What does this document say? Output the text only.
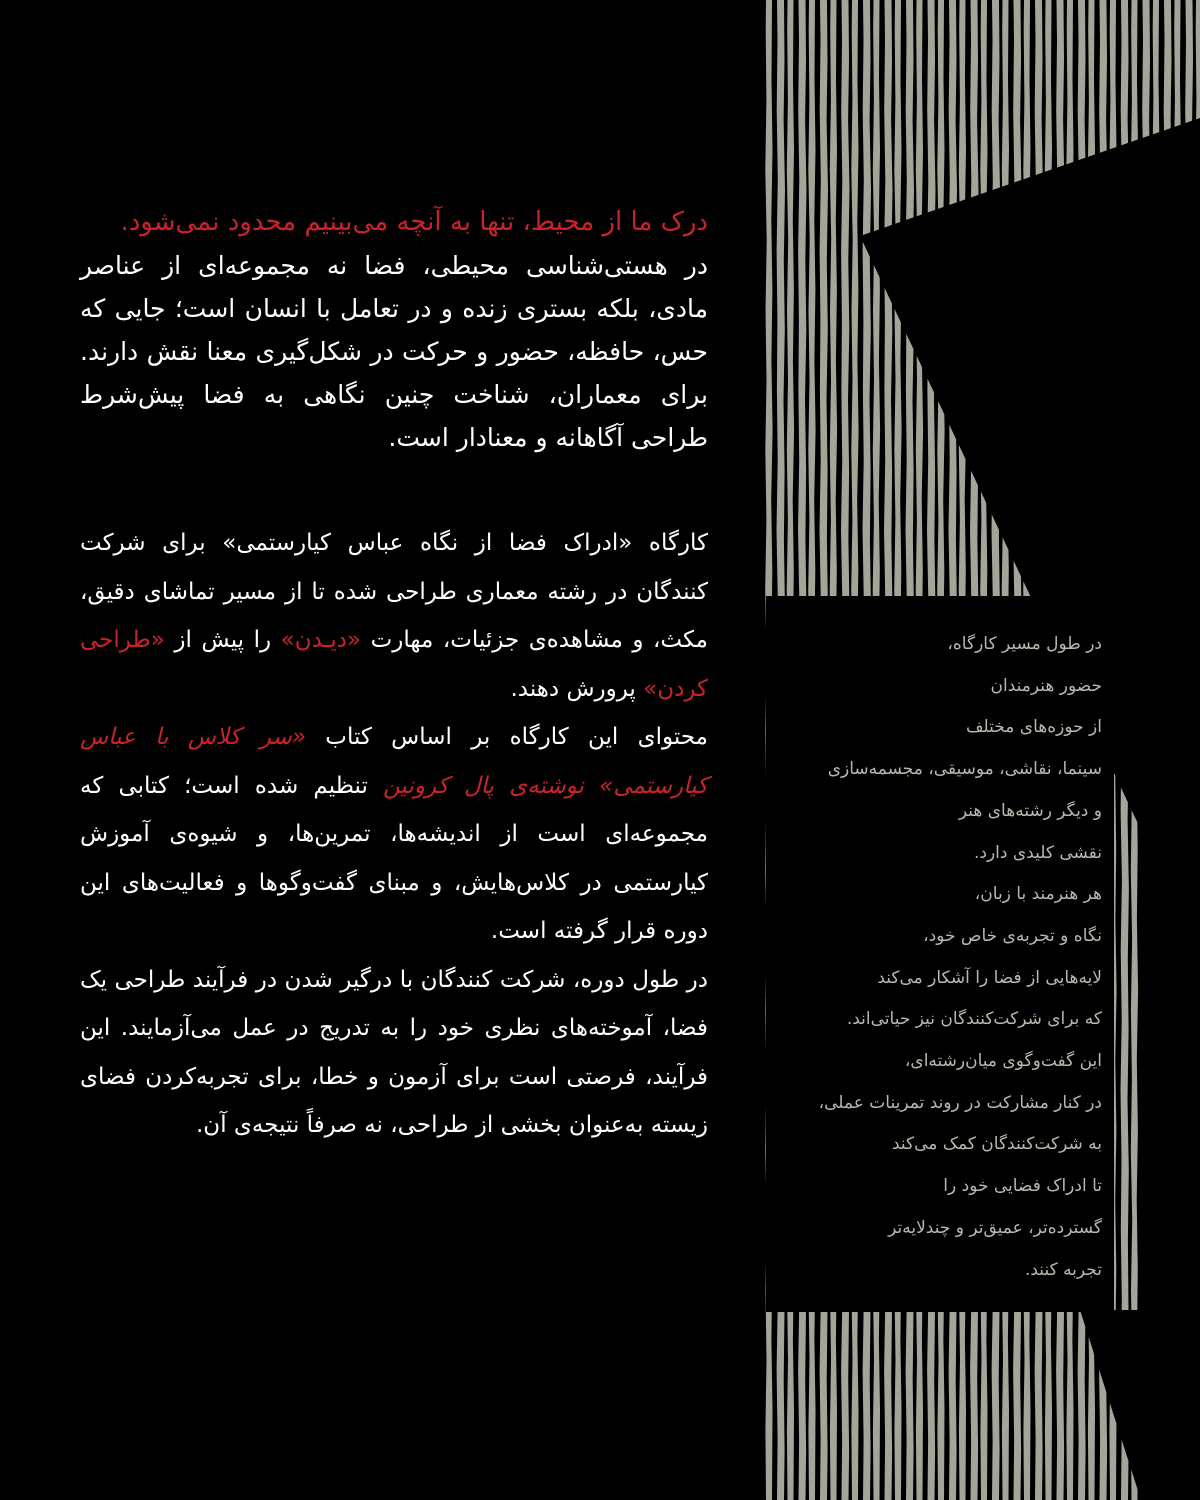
درک ما از محیط، تنها به آنچه می‌بینیم محدود نمی‌شود.

در هستی‌شناسی محیطی، فضا نه مجموعه‌ای از عناصر مادی، بلکه بستری زنده و در تعامل با انسان است؛ جایی که حس، حافظه، حضور و حرکت در شکل‌گیری معنا نقش دارند. برای معماران، شناخت چنین نگاهی به فضا پیش‌شرط طراحی آگاهانه و معنادار است.

کارگاه «ادراک فضا از نگاه عباس کیارستمی» برای شرکت کنندگان در رشته معماری طراحی شده تا از مسیر تماشای دقیق، مکث، و مشاهده‌ی جزئیات، مهارت «دیـدن» را پیش از «طراحی کردن» پرورش دهند.

محتوای این کارگاه بر اساس کتاب «سر کلاس با عباس کیارستمی» نوشته‌ی پال کرونین تنظیم شده است؛ کتابی که مجموعه‌ای است از اندیشه‌ها، تمرین‌ها، و شیوه‌ی آموزش کیارستمی در کلاس‌هایش، و مبنای گفت‌وگوها و فعالیت‌های این دوره قرار گرفته است.

در طول دوره، شرکت کنندگان با درگیر شدن در فرآیند طراحی یک فضا، آموخته‌های نظری خود را به تدریج در عمل می‌آزمایند. این فرآیند، فرصتی است برای آزمون و خطا، برای تجربه‌کردن فضای زیسته به‌عنوان بخشی از طراحی، نه صرفاً نتیجه‌ی آن.

در طول مسیر کارگاه،
حضور هنرمندان
از حوزه‌های مختلف
سینما، نقاشی، موسیقی، مجسمه‌سازی
و دیگر رشته‌های هنر
نقشی کلیدی دارد.
هر هنرمند با زبان،
نگاه و تجربه‌ی خاص خود،
لایه‌هایی از فضا را آشکار می‌کند
که برای شرکت‌کنندگان نیز حیاتی‌اند.
این گفت‌وگوی میان‌رشته‌ای،
در کنار مشارکت در روند تمرینات عملی،
به شرکت‌کنندگان کمک می‌کند
تا ادراک فضایی خود را
گسترده‌تر، عمیق‌تر و چندلایه‌تر
تجربه کنند.
